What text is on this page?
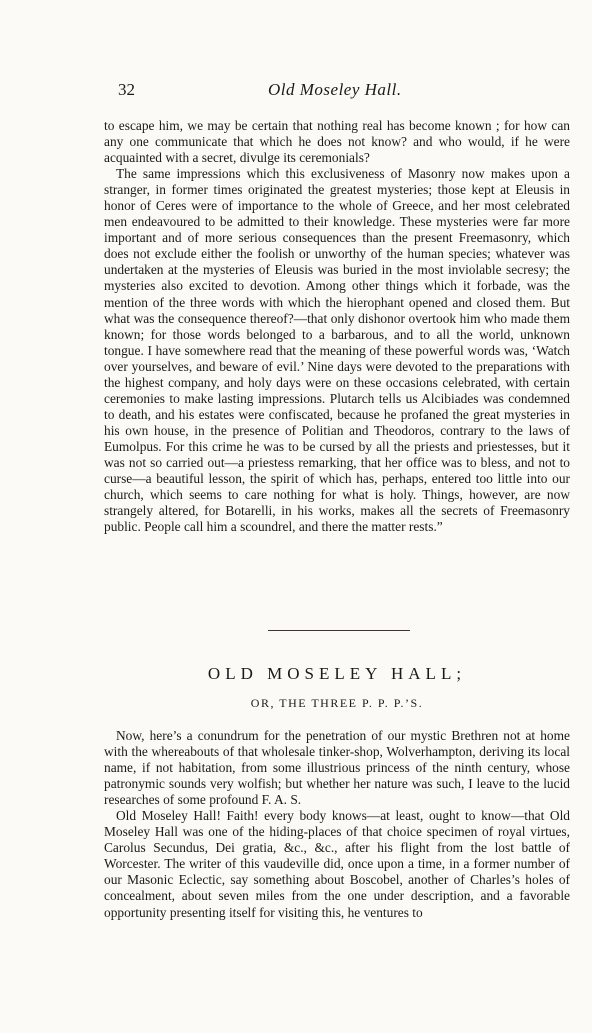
32	Old Moseley Hall.

to escape him, we may be certain that nothing real has become known ; for how can any one communicate that which he does not know? and who would, if he were acquainted with a secret, divulge its ceremonials?

The same impressions which this exclusiveness of Masonry now makes upon a stranger, in former times originated the greatest mysteries; those kept at Eleusis in honor of Ceres were of importance to the whole of Greece, and her most celebrated men endeavoured to be admitted to their knowledge. These mysteries were far more important and of more serious consequences than the present Freemasonry, which does not exclude either the foolish or unworthy of the human species; whatever was undertaken at the mysteries of Eleusis was buried in the most inviolable secresy; the mysteries also excited to devotion. Among other things which it forbade, was the mention of the three words with which the hierophant opened and closed them. But what was the consequence thereof?—that only dishonor overtook him who made them known; for those words belonged to a barbarous, and to all the world, unknown tongue. I have somewhere read that the meaning of these powerful words was, ‘Watch over yourselves, and beware of evil.’ Nine days were devoted to the preparations with the highest company, and holy days were on these occasions celebrated, with certain ceremonies to make lasting impressions. Plutarch tells us Alcibiades was condemned to death, and his estates were confiscated, because he profaned the great mysteries in his own house, in the presence of Politian and Theodoros, contrary to the laws of Eumolpus. For this crime he was to be cursed by all the priests and priestesses, but it was not so carried out—a priestess remarking, that her office was to bless, and not to curse—a beautiful lesson, the spirit of which has, perhaps, entered too little into our church, which seems to care nothing for what is holy. Things, however, are now strangely altered, for Botarelli, in his works, makes all the secrets of Freemasonry public. People call him a scoundrel, and there the matter rests.”

OLD MOSELEY HALL;
OR, THE THREE P. P. P.’S.

Now, here’s a conundrum for the penetration of our mystic Brethren not at home with the whereabouts of that wholesale tinker-shop, Wolverhampton, deriving its local name, if not habitation, from some illustrious princess of the ninth century, whose patronymic sounds very wolfish; but whether her nature was such, I leave to the lucid researches of some profound F. A. S.

Old Moseley Hall! Faith! every body knows—at least, ought to know—that Old Moseley Hall was one of the hiding-places of that choice specimen of royal virtues, Carolus Secundus, Dei gratia, &c., &c., after his flight from the lost battle of Worcester. The writer of this vaudeville did, once upon a time, in a former number of our Masonic Eclectic, say something about Boscobel, another of Charles’s holes of concealment, about seven miles from the one under description, and a favorable opportunity presenting itself for visiting this, he ventures to
